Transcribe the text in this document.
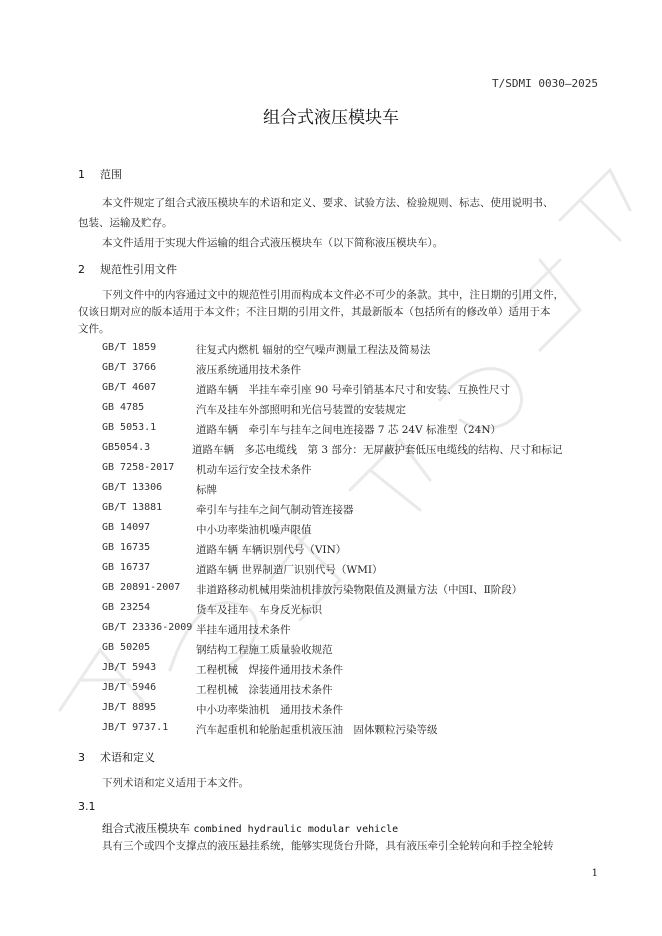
T/SDMI 0030—2025
组合式液压模块车
1 范围
本文件规定了组合式液压模块车的术语和定义、要求、试验方法、检验规则、标志、使用说明书、
包装、运输及贮存。
本文件适用于实现大件运输的组合式液压模块车（以下简称液压模块车）。
2 规范性引用文件
下列文件中的内容通过文中的规范性引用而构成本文件必不可少的条款。其中，注日期的引用文件，
仅该日期对应的版本适用于本文件；不注日期的引用文件，其最新版本（包括所有的修改单）适用于本
文件。
GB/T 1859	往复式内燃机 辐射的空气噪声测量工程法及简易法
GB/T 3766	液压系统通用技术条件
GB/T 4607	道路车辆　半挂车牵引座 90 号牵引销基本尺寸和安装、互换性尺寸
GB 4785	汽车及挂车外部照明和光信号装置的安装规定
GB 5053.1	道路车辆　牵引车与挂车之间电连接器 7 芯 24V 标准型（24N）
GB5054.3	道路车辆　多芯电缆线　第 3 部分：无屏蔽护套低压电缆线的结构、尺寸和标记
GB 7258-2017 机动车运行安全技术条件
GB/T 13306	标牌
GB/T 13881	牵引车与挂车之间气制动管连接器
GB 14097	中小功率柴油机噪声限值
GB 16735	道路车辆 车辆识别代号（VIN）
GB 16737	道路车辆 世界制造厂识别代号（WMI）
GB 20891-2007 非道路移动机械用柴油机排放污染物限值及测量方法（中国Ⅰ、Ⅱ阶段）
GB 23254	货车及挂车　车身反光标识
GB/T 23336-2009 半挂车通用技术条件
GB 50205	钢结构工程施工质量验收规范
JB/T 5943	工程机械　焊接件通用技术条件
JB/T 5946	工程机械　涂装通用技术条件
JB/T 8895	中小功率柴油机　通用技术条件
JB/T 9737.1	汽车起重机和轮胎起重机液压油　固体颗粒污染等级
3 术语和定义
下列术语和定义适用于本文件。
3.1
组合式液压模块车 combined hydraulic modular vehicle
具有三个或四个支撑点的液压悬挂系统，能够实现货台升降，具有液压牵引全轮转向和手控全轮转
1
